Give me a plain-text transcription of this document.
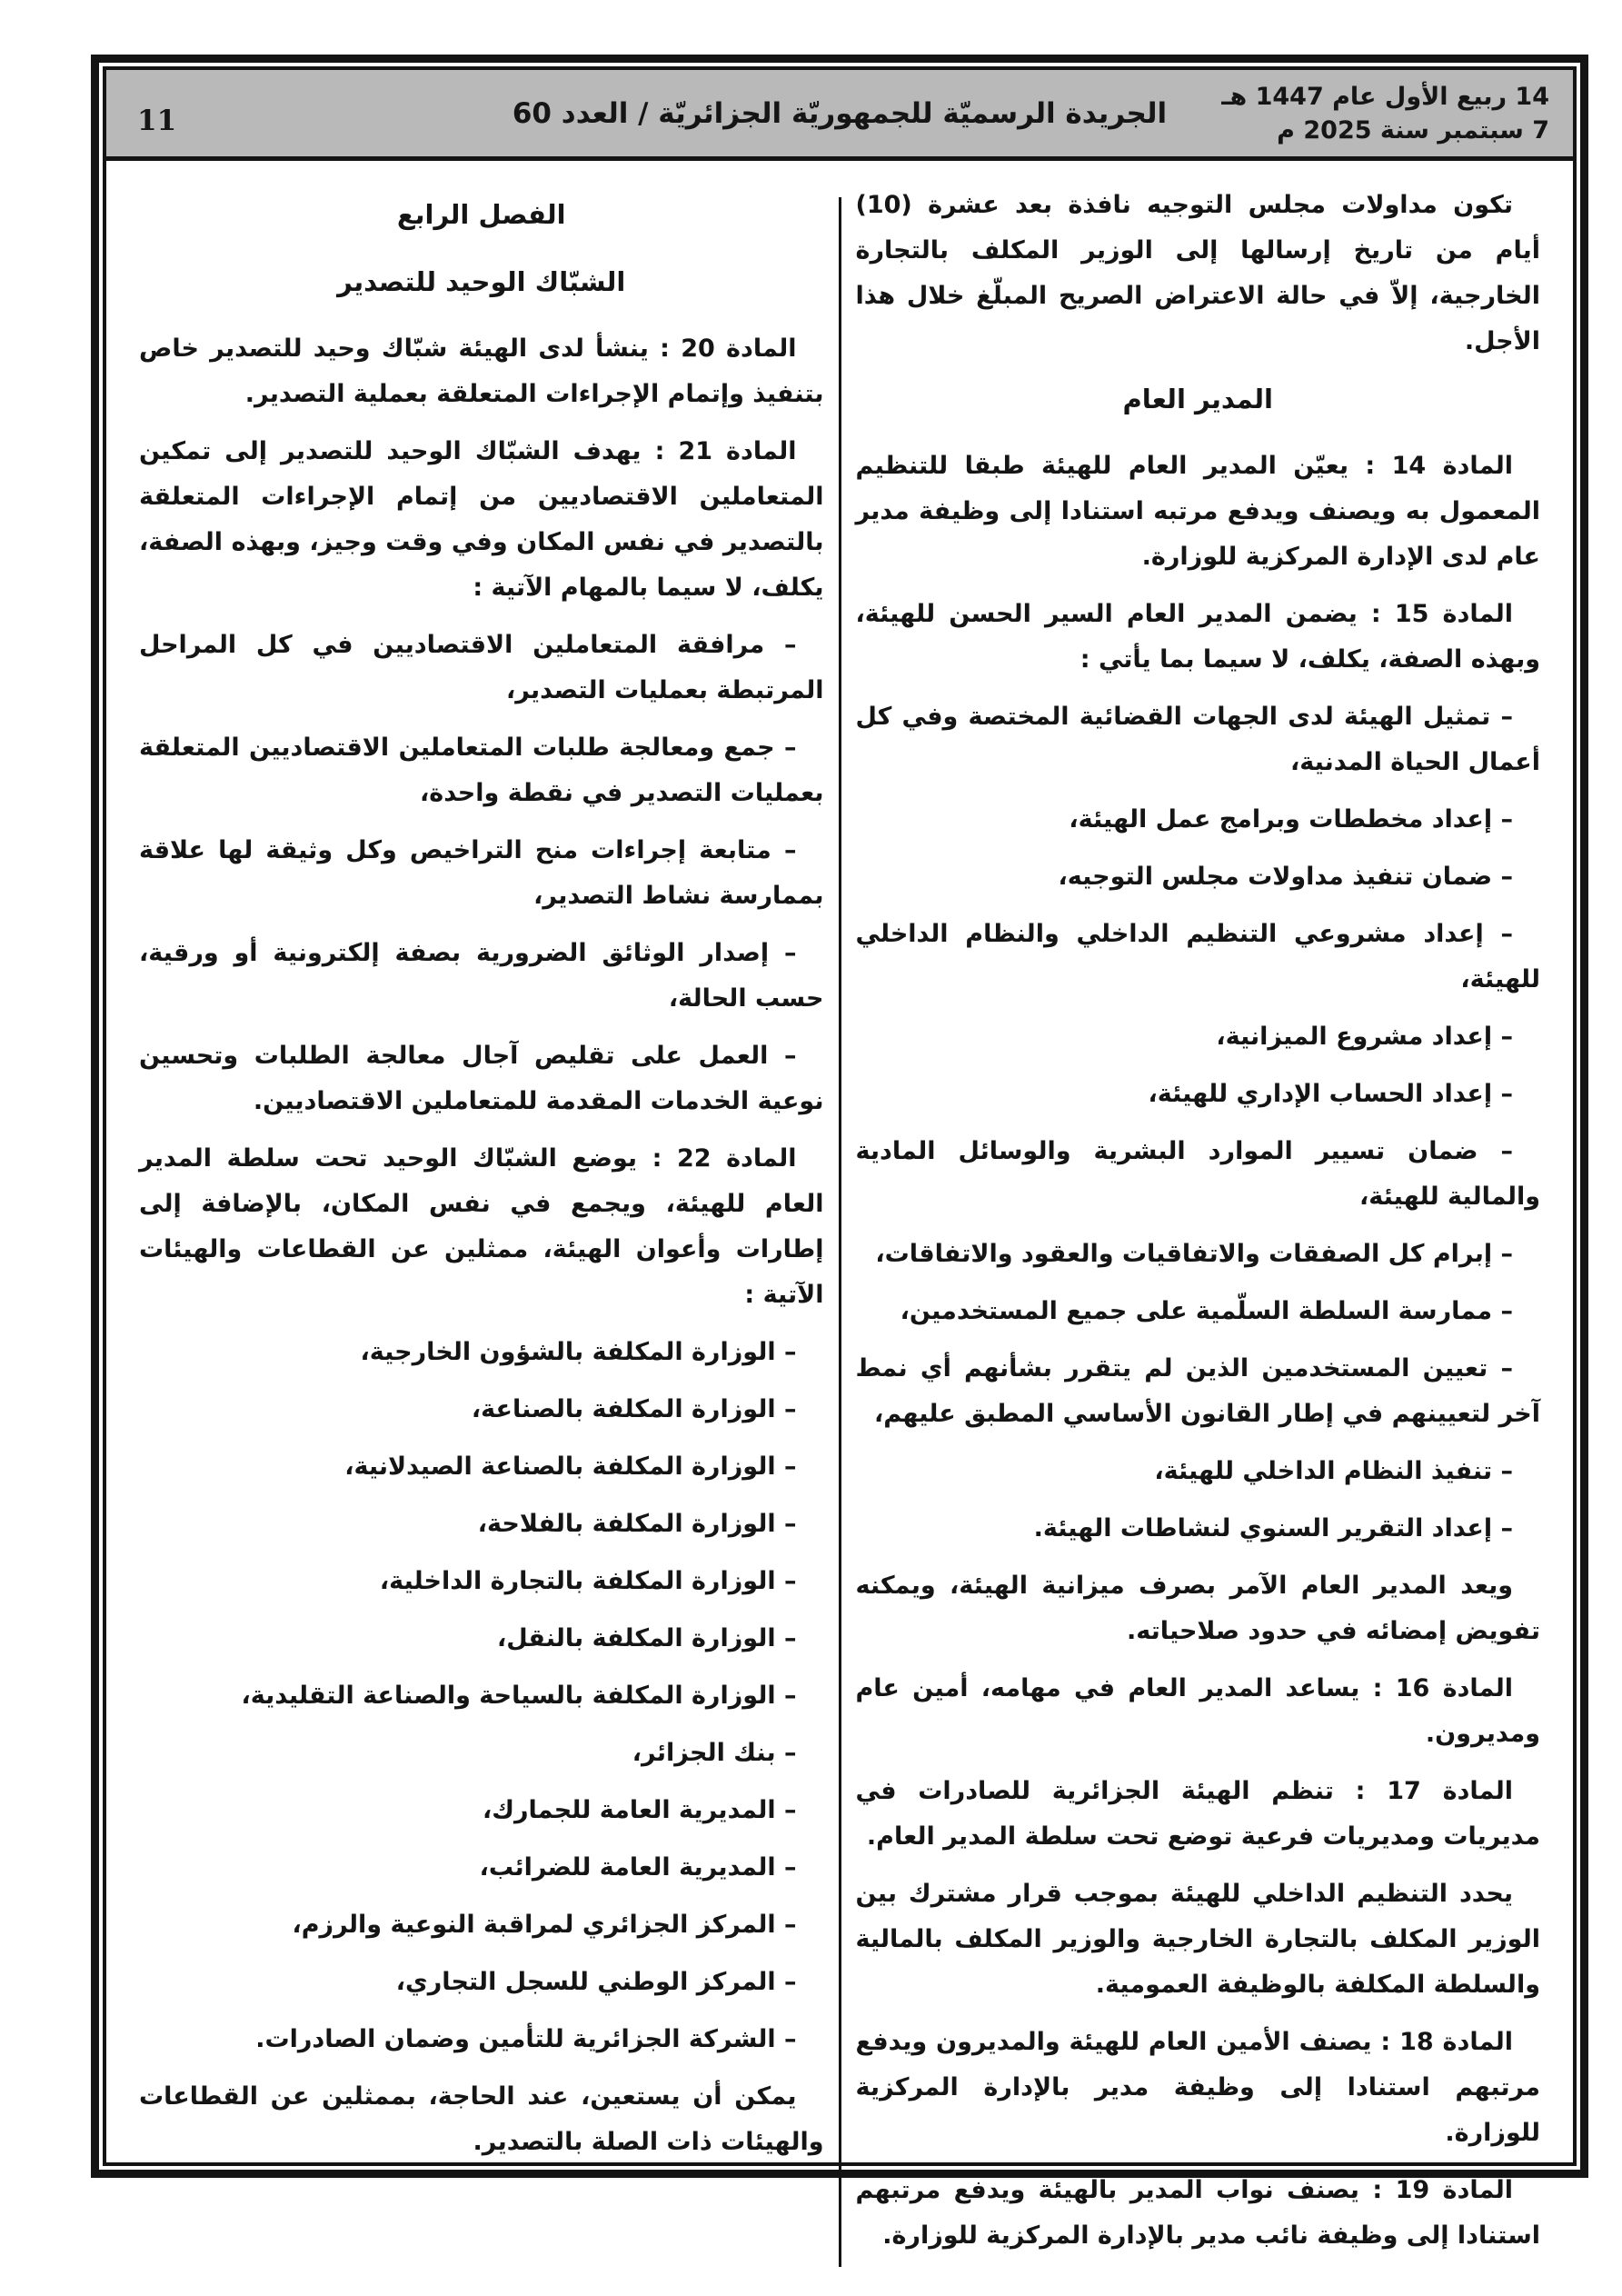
14 ربيع الأول عام 1447 هـ
7 سبتمبر سنة 2025 م
الجريدة الرسميّة للجمهوريّة الجزائريّة / العدد 60
11
تكون مداولات مجلس التوجيه نافذة بعد عشرة (10) أيام من تاريخ إرسالها إلى الوزير المكلف بالتجارة الخارجية، إلاّ في حالة الاعتراض الصريح المبلّغ خلال هذا الأجل.
المدير العام
المادة 14 : يعيّن المدير العام للهيئة طبقا للتنظيم المعمول به ويصنف ويدفع مرتبه استنادا إلى وظيفة مدير عام لدى الإدارة المركزية للوزارة.
المادة 15 : يضمن المدير العام السير الحسن للهيئة، وبهذه الصفة، يكلف، لا سيما بما يأتي :
– تمثيل الهيئة لدى الجهات القضائية المختصة وفي كل أعمال الحياة المدنية،
– إعداد مخططات وبرامج عمل الهيئة،
– ضمان تنفيذ مداولات مجلس التوجيه،
– إعداد مشروعي التنظيم الداخلي والنظام الداخلي للهيئة،
– إعداد مشروع الميزانية،
– إعداد الحساب الإداري للهيئة،
– ضمان تسيير الموارد البشرية والوسائل المادية والمالية للهيئة،
– إبرام كل الصفقات والاتفاقيات والعقود والاتفاقات،
– ممارسة السلطة السلّمية على جميع المستخدمين،
– تعيين المستخدمين الذين لم يتقرر بشأنهم أي نمط آخر لتعيينهم في إطار القانون الأساسي المطبق عليهم،
– تنفيذ النظام الداخلي للهيئة،
– إعداد التقرير السنوي لنشاطات الهيئة.
ويعد المدير العام الآمر بصرف ميزانية الهيئة، ويمكنه تفويض إمضائه في حدود صلاحياته.
المادة 16 : يساعد المدير العام في مهامه، أمين عام ومديرون.
المادة 17 : تنظم الهيئة الجزائرية للصادرات في مديريات ومديريات فرعية توضع تحت سلطة المدير العام.
يحدد التنظيم الداخلي للهيئة بموجب قرار مشترك بين الوزير المكلف بالتجارة الخارجية والوزير المكلف بالمالية والسلطة المكلفة بالوظيفة العمومية.
المادة 18 : يصنف الأمين العام للهيئة والمديرون ويدفع مرتبهم استنادا إلى وظيفة مدير بالإدارة المركزية للوزارة.
المادة 19 : يصنف نواب المدير بالهيئة ويدفع مرتبهم استنادا إلى وظيفة نائب مدير بالإدارة المركزية للوزارة.
الفصل الرابع
الشبّاك الوحيد للتصدير
المادة 20 : ينشأ لدى الهيئة شبّاك وحيد للتصدير خاص بتنفيذ وإتمام الإجراءات المتعلقة بعملية التصدير.
المادة 21 : يهدف الشبّاك الوحيد للتصدير إلى تمكين المتعاملين الاقتصاديين من إتمام الإجراءات المتعلقة بالتصدير في نفس المكان وفي وقت وجيز، وبهذه الصفة، يكلف، لا سيما بالمهام الآتية :
– مرافقة المتعاملين الاقتصاديين في كل المراحل المرتبطة بعمليات التصدير،
– جمع ومعالجة طلبات المتعاملين الاقتصاديين المتعلقة بعمليات التصدير في نقطة واحدة،
– متابعة إجراءات منح التراخيص وكل وثيقة لها علاقة بممارسة نشاط التصدير،
– إصدار الوثائق الضرورية بصفة إلكترونية أو ورقية، حسب الحالة،
– العمل على تقليص آجال معالجة الطلبات وتحسين نوعية الخدمات المقدمة للمتعاملين الاقتصاديين.
المادة 22 : يوضع الشبّاك الوحيد تحت سلطة المدير العام للهيئة، ويجمع في نفس المكان، بالإضافة إلى إطارات وأعوان الهيئة، ممثلين عن القطاعات والهيئات الآتية :
– الوزارة المكلفة بالشؤون الخارجية،
– الوزارة المكلفة بالصناعة،
– الوزارة المكلفة بالصناعة الصيدلانية،
– الوزارة المكلفة بالفلاحة،
– الوزارة المكلفة بالتجارة الداخلية،
– الوزارة المكلفة بالنقل،
– الوزارة المكلفة بالسياحة والصناعة التقليدية،
– بنك الجزائر،
– المديرية العامة للجمارك،
– المديرية العامة للضرائب،
– المركز الجزائري لمراقبة النوعية والرزم،
– المركز الوطني للسجل التجاري،
– الشركة الجزائرية للتأمين وضمان الصادرات.
يمكن أن يستعين، عند الحاجة، بممثلين عن القطاعات والهيئات ذات الصلة بالتصدير.
